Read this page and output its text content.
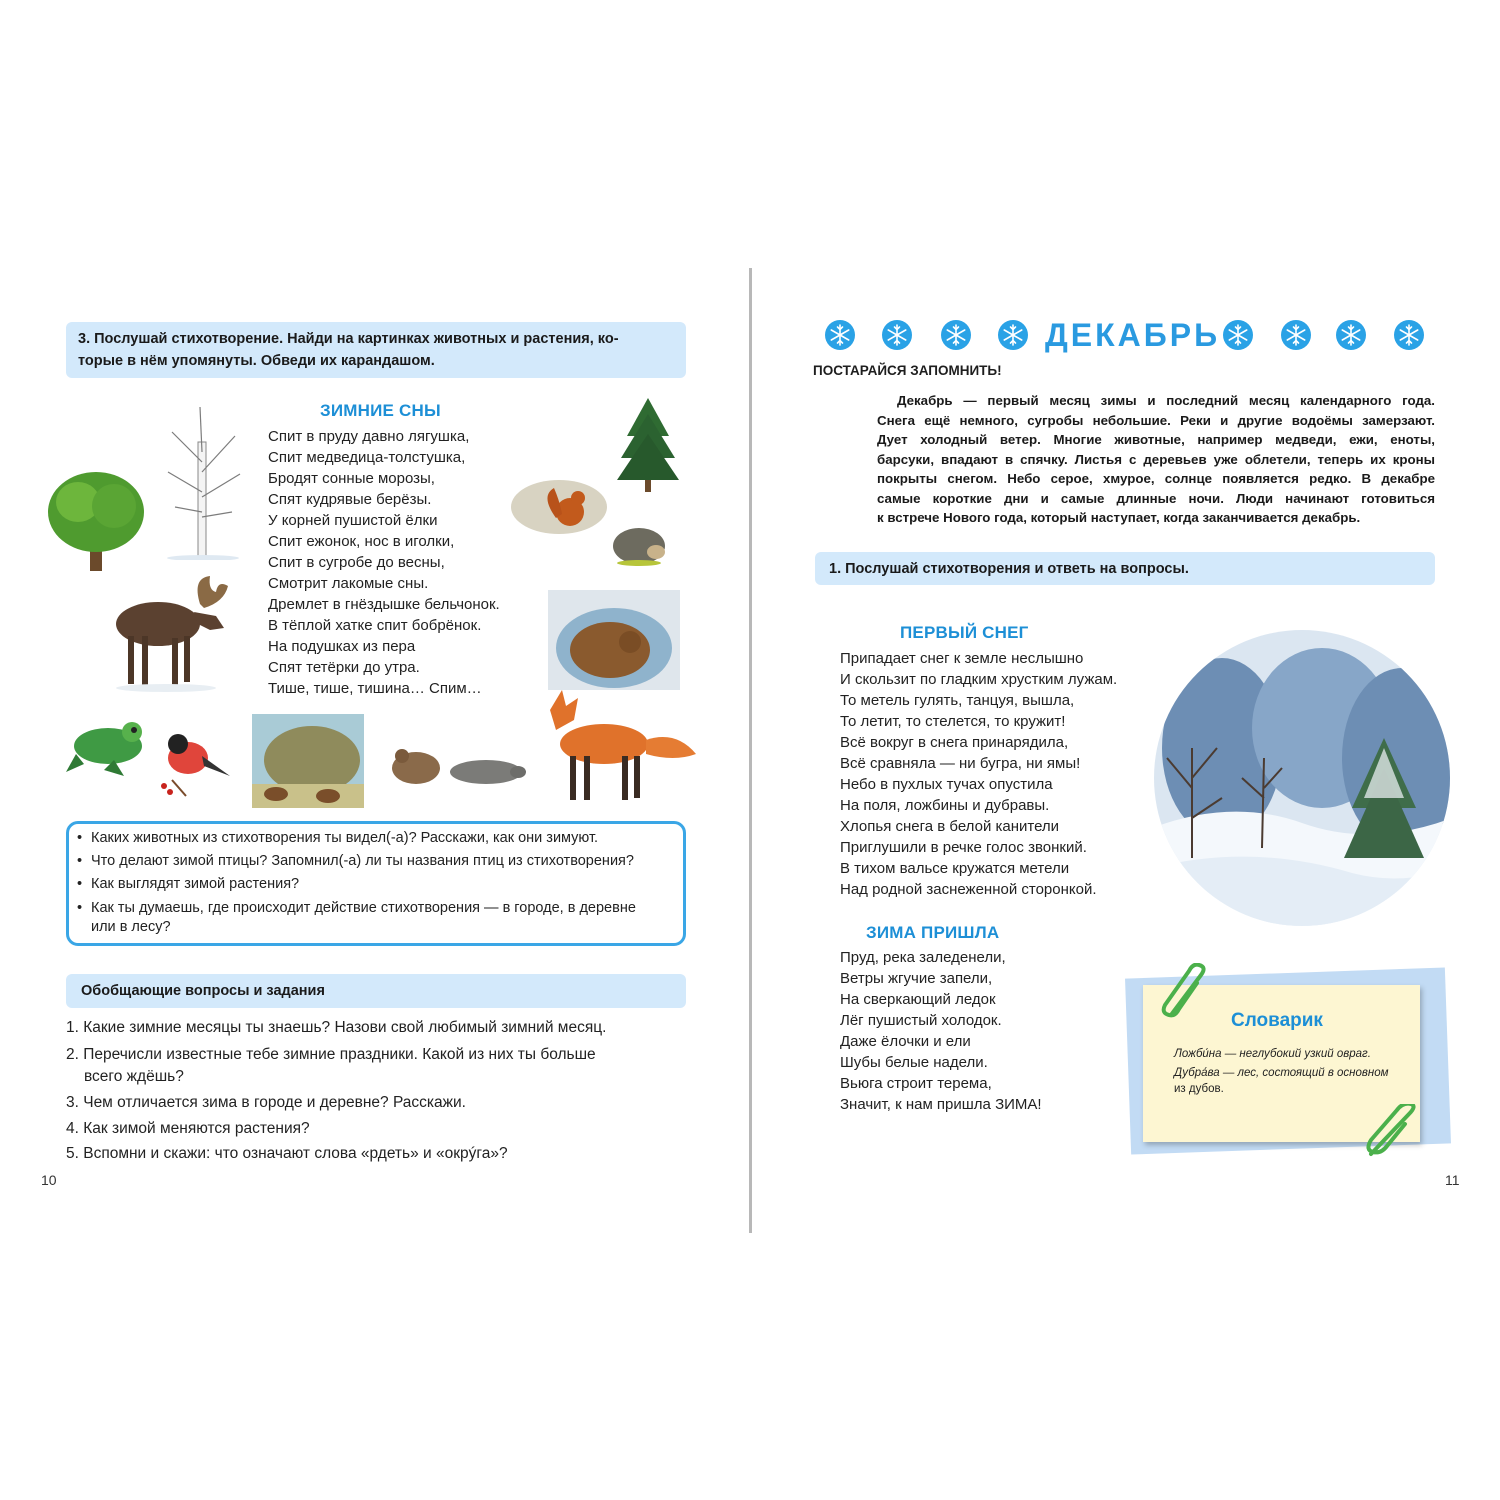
3. Послушай стихотворение. Найди на картинках животных и растения, ко-
торые в нём упомянуты. Обведи их карандашом.
ЗИМНИЕ СНЫ
Спит в пруду давно лягушка,
Спит медведица-толстушка,
Бродят сонные морозы,
Спят кудрявые берёзы.
У корней пушистой ёлки
Спит ежонок, нос в иголки,
Спит в сугробе до весны,
Смотрит лакомые сны.
Дремлет в гнёздышке бельчонок.
В тёплой хатке спит бобрёнок.
На подушках из пера
Спят тетёрки до утра.
Тише, тише, тишина… Спим…
• Каких животных из стихотворения ты видел(-а)? Расскажи, как они зимуют.
• Что делают зимой птицы? Запомнил(-а) ли ты названия птиц из стихотворения?
• Как выглядят зимой растения?
• Как ты думаешь, где происходит действие стихотворения — в городе, в деревне
или в лесу?
Обобщающие вопросы и задания
1. Какие зимние месяцы ты знаешь? Назови свой любимый зимний месяц.
2. Перечисли известные тебе зимние праздники. Какой из них ты больше
всего ждёшь?
3. Чем отличается зима в городе и деревне? Расскажи.
4. Как зимой меняются растения?
5. Вспомни и скажи: что означают слова «рдеть» и «окрýга»?
10
ДЕКАБРЬ
ПОСТАРАЙСЯ ЗАПОМНИТЬ!
Декабрь — первый месяц зимы и последний месяц календарного года.
Снега ещё немного, сугробы небольшие. Реки и другие водоёмы замерзают.
Дует холодный ветер. Многие животные, например медведи, ежи, еноты,
барсуки, впадают в спячку. Листья с деревьев уже облетели, теперь их кроны
покрыты снегом. Небо серое, хмурое, солнце появляется редко. В декабре
самые короткие дни и самые длинные ночи. Люди начинают готовиться
к встрече Нового года, который наступает, когда заканчивается декабрь.
1. Послушай стихотворения и ответь на вопросы.
ПЕРВЫЙ СНЕГ
Припадает снег к земле неслышно
И скользит по гладким хрустким лужам.
То метель гулять, танцуя, вышла,
То летит, то стелется, то кружит!
Всё вокруг в снега принарядила,
Всё сравняла — ни бугра, ни ямы!
Небо в пухлых тучах опустила
На поля, ложбины и дубравы.
Хлопья снега в белой канители
Приглушили в речке голос звонкий.
В тихом вальсе кружатся метели
Над родной заснеженной сторонкой.
ЗИМА ПРИШЛА
Пруд, река заледенели,
Ветры жгучие запели,
На сверкающий ледок
Лёг пушистый холодок.
Даже ёлочки и ели
Шубы белые надели.
Вьюга строит терема,
Значит, к нам пришла ЗИМА!
Словарик
Ложби́на — неглубокий узкий овраг.
Дубра́ва — лес, состоящий в основном
из дубов.
11
